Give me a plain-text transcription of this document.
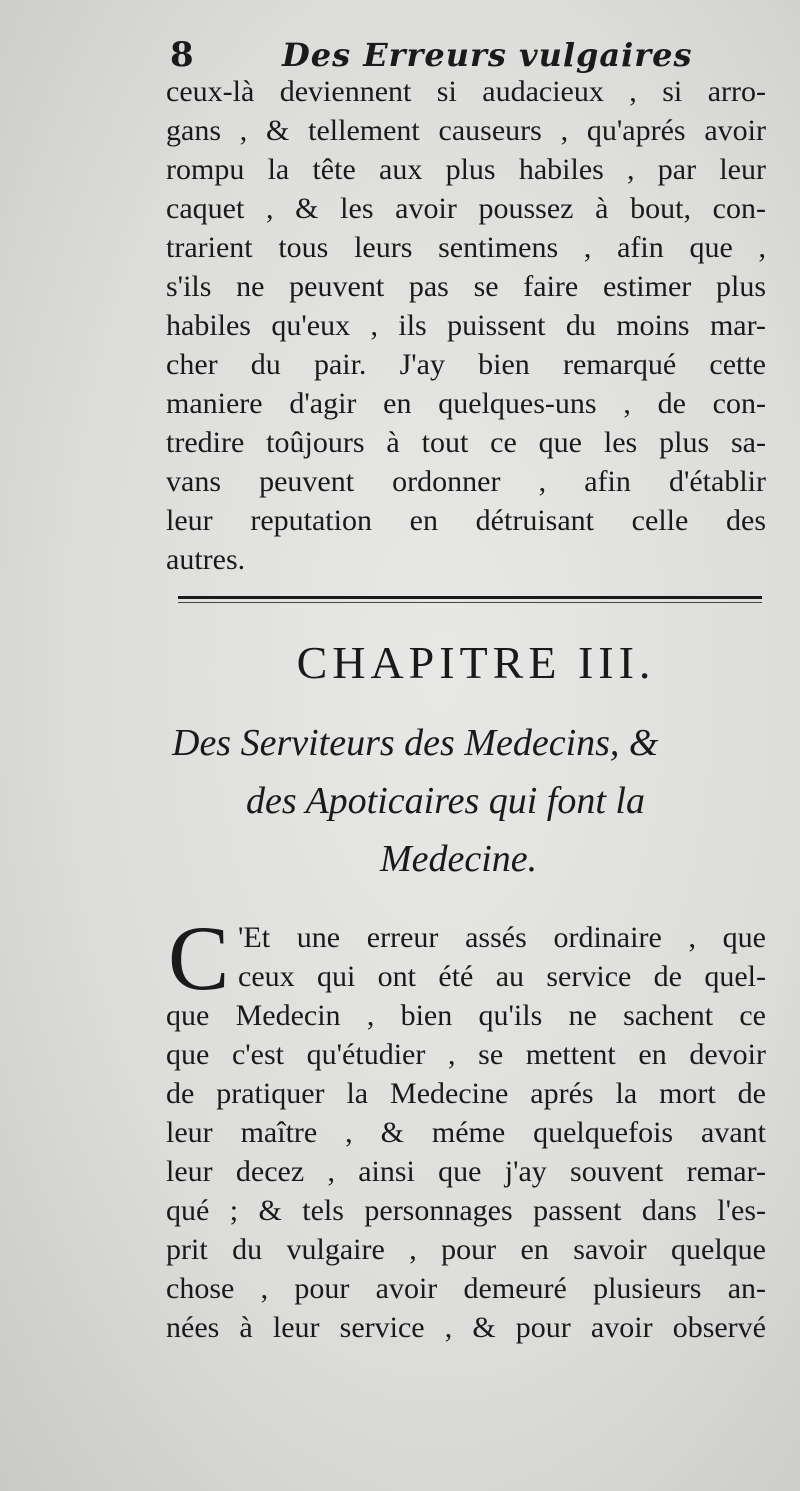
8	Des Erreurs vulgaires
ceux-là deviennent si audacieux , si arro-
gans , & tellement causeurs , qu'aprés avoir
rompu la tête aux plus habiles , par leur
caquet , & les avoir poussez à bout, con-
trarient tous leurs sentimens , afin que ,
s'ils ne peuvent pas se faire estimer plus
habiles qu'eux , ils puissent du moins mar-
cher du pair. J'ay bien remarqué cette
maniere d'agir en quelques-uns , de con-
tredire toûjours à tout ce que les plus sa-
vans peuvent ordonner , afin d'établir
leur reputation en détruisant celle des
autres.
CHAPITRE III.
Des Serviteurs des Medecins, &
des Apoticaires qui font la
Medecine.
C 'Et une erreur assés ordinaire , que
ceux qui ont été au service de quel-
que Medecin , bien qu'ils ne sachent ce
que c'est qu'étudier , se mettent en devoir
de pratiquer la Medecine aprés la mort de
leur maître , & méme quelquefois avant
leur decez , ainsi que j'ay souvent remar-
qué ; & tels personnages passent dans l'es-
prit du vulgaire , pour en savoir quelque
chose , pour avoir demeuré plusieurs an-
nées à leur service , & pour avoir observé
